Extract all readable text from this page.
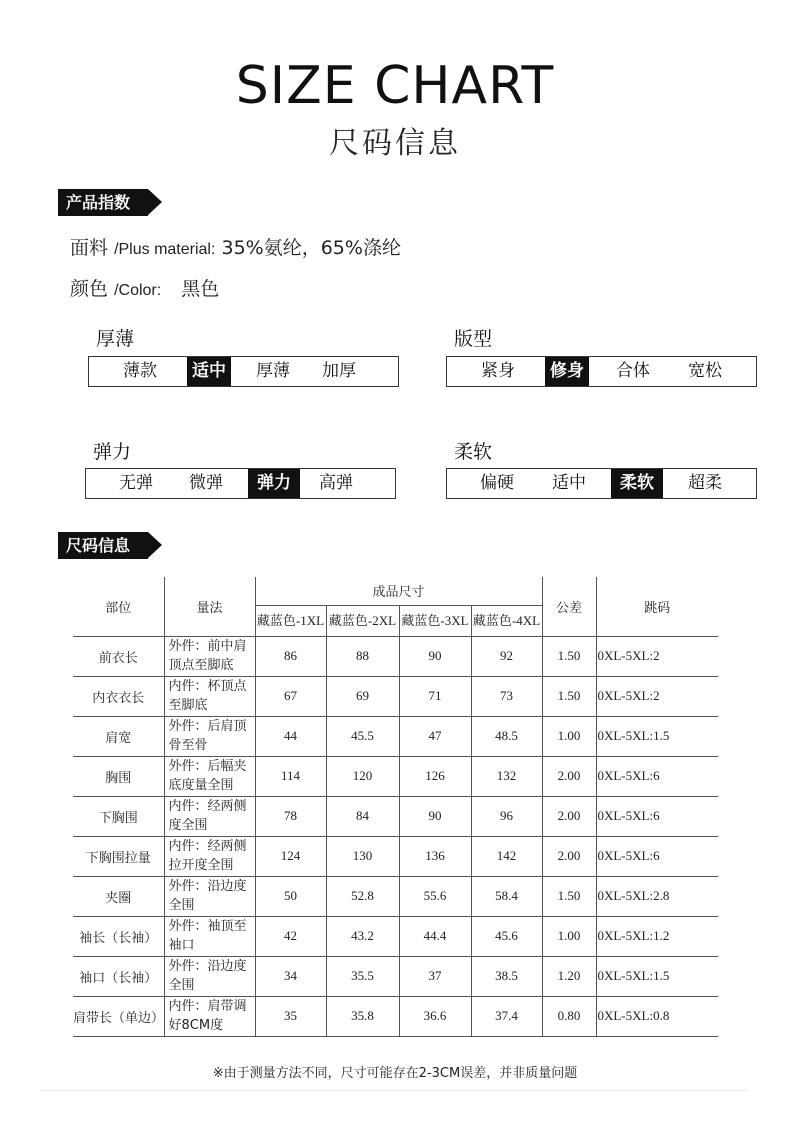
SIZE CHART
尺码信息
产品指数
面料 /Plus material: 35%氨纶，65%涤纶
颜色 /Color: 黑色
厚薄
薄款	适中	厚薄	加厚
版型
紧身	修身	合体	宽松
弹力
无弹	微弹	弹力	高弹
柔软
偏硬	适中	柔软	超柔
尺码信息
部位	量法	成品尺寸				公差	跳码
		藏蓝色-1XL	藏蓝色-2XL	藏蓝色-3XL	藏蓝色-4XL		
前衣长	外件：前中肩顶点至脚底	86	88	90	92	1.50	0XL-5XL:2
内衣衣长	内件：杯顶点至脚底	67	69	71	73	1.50	0XL-5XL:2
肩宽	外件：后肩顶骨至骨	44	45.5	47	48.5	1.00	0XL-5XL:1.5
胸围	外件：后幅夹底度量全围	114	120	126	132	2.00	0XL-5XL:6
下胸围	内件：经两侧度全围	78	84	90	96	2.00	0XL-5XL:6
下胸围拉量	内件：经两侧拉开度全围	124	130	136	142	2.00	0XL-5XL:6
夹圈	外件：沿边度全围	50	52.8	55.6	58.4	1.50	0XL-5XL:2.8
袖长（长袖）	外件：袖顶至袖口	42	43.2	44.4	45.6	1.00	0XL-5XL:1.2
袖口（长袖）	外件：沿边度全围	34	35.5	37	38.5	1.20	0XL-5XL:1.5
肩带长（单边）	内件：肩带调好8CM度	35	35.8	36.6	37.4	0.80	0XL-5XL:0.8
※由于测量方法不同，尺寸可能存在2-3CM误差，并非质量问题
